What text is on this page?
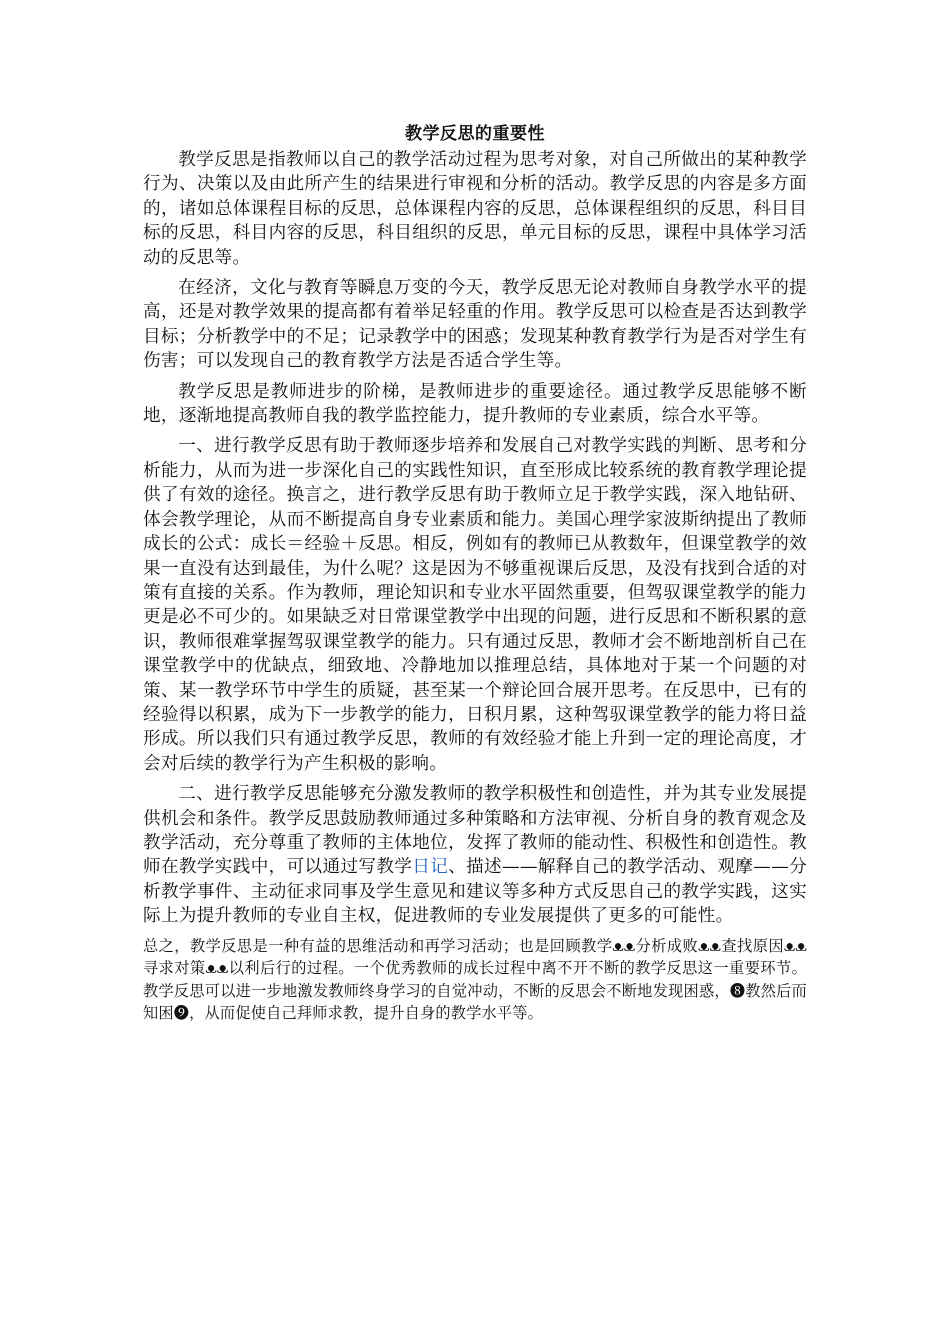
教学反思的重要性

教学反思是指教师以自己的教学活动过程为思考对象，对自己所做出的某种教学行为、决策以及由此所产生的结果进行审视和分析的活动。教学反思的内容是多方面的，诸如总体课程目标的反思，总体课程内容的反思，总体课程组织的反思，科目目标的反思，科目内容的反思，科目组织的反思，单元目标的反思，课程中具体学习活动的反思等。

在经济，文化与教育等瞬息万变的今天，教学反思无论对教师自身教学水平的提高，还是对教学效果的提高都有着举足轻重的作用。教学反思可以检查是否达到教学目标；分析教学中的不足；记录教学中的困惑；发现某种教育教学行为是否对学生有伤害；可以发现自己的教育教学方法是否适合学生等。

教学反思是教师进步的阶梯，是教师进步的重要途径。通过教学反思能够不断地，逐渐地提高教师自我的教学监控能力，提升教师的专业素质，综合水平等。

一、进行教学反思有助于教师逐步培养和发展自己对教学实践的判断、思考和分析能力，从而为进一步深化自己的实践性知识，直至形成比较系统的教育教学理论提供了有效的途径。换言之，进行教学反思有助于教师立足于教学实践，深入地钻研、体会教学理论，从而不断提高自身专业素质和能力。美国心理学家波斯纳提出了教师成长的公式：成长＝经验＋反思。相反，例如有的教师已从教数年，但课堂教学的效果一直没有达到最佳，为什么呢？这是因为不够重视课后反思，及没有找到合适的对策有直接的关系。作为教师，理论知识和专业水平固然重要，但驾驭课堂教学的能力更是必不可少的。如果缺乏对日常课堂教学中出现的问题，进行反思和不断积累的意识，教师很难掌握驾驭课堂教学的能力。只有通过反思，教师才会不断地剖析自己在课堂教学中的优缺点，细致地、冷静地加以推理总结，具体地对于某一个问题的对策、某一教学环节中学生的质疑，甚至某一个辩论回合展开思考。在反思中，已有的经验得以积累，成为下一步教学的能力，日积月累，这种驾驭课堂教学的能力将日益形成。所以我们只有通过教学反思，教师的有效经验才能上升到一定的理论高度，才会对后续的教学行为产生积极的影响。

二、进行教学反思能够充分激发教师的教学积极性和创造性，并为其专业发展提供机会和条件。教学反思鼓励教师通过多种策略和方法审视、分析自身的教育观念及教学活动，充分尊重了教师的主体地位，发挥了教师的能动性、积极性和创造性。教师在教学实践中，可以通过写教学日记、描述——解释自己的教学活动、观摩——分析教学事件、主动征求同事及学生意见和建议等多种方式反思自己的教学实践，这实际上为提升教师的专业自主权，促进教师的专业发展提供了更多的可能性。

总之，教学反思是一种有益的思维活动和再学习活动；也是回顾教学ᴥᴥ分析成败ᴥᴥ查找原因ᴥᴥ寻求对策ᴥᴥ以利后行的过程。一个优秀教师的成长过程中离不开不断的教学反思这一重要环节。教学反思可以进一步地激发教师终身学习的自觉冲动，不断的反思会不断地发现困惑，❽教然后而知困❾，从而促使自己拜师求教，提升自身的教学水平等。
